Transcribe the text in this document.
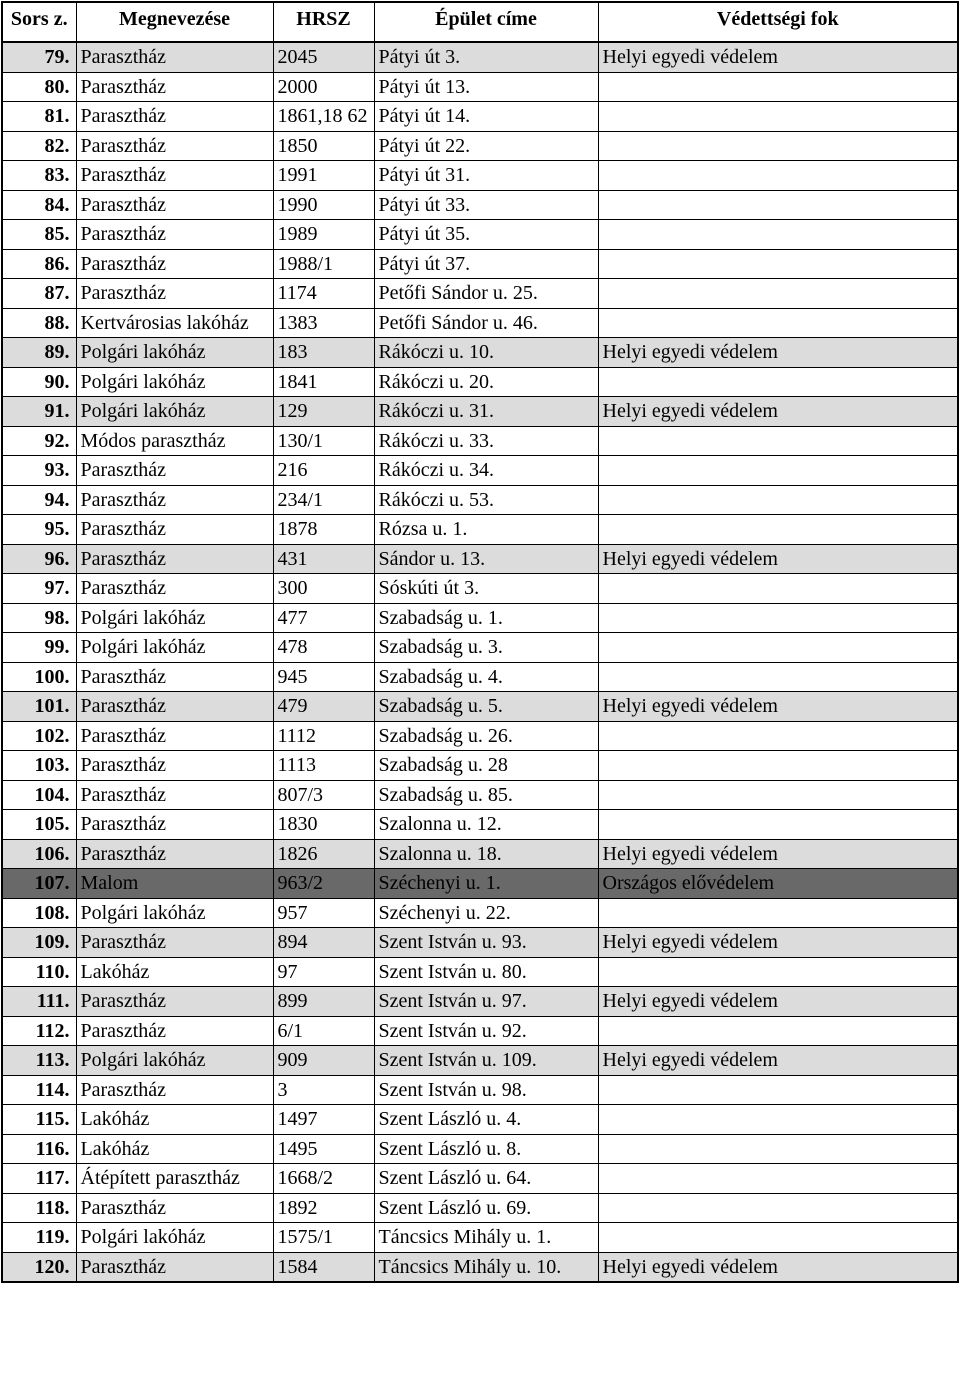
Sors z.	Megnevezése	HRSZ	Épület címe	Védettségi fok
79.	Parasztház	2045	Pátyi út 3.	Helyi egyedi védelem
80.	Parasztház	2000	Pátyi út 13.	
81.	Parasztház	1861,18 62	Pátyi út 14.	
82.	Parasztház	1850	Pátyi út 22.	
83.	Parasztház	1991	Pátyi út 31.	
84.	Parasztház	1990	Pátyi út 33.	
85.	Parasztház	1989	Pátyi út 35.	
86.	Parasztház	1988/1	Pátyi út 37.	
87.	Parasztház	1174	Petőfi Sándor u. 25.	
88.	Kertvárosias lakóház	1383	Petőfi Sándor u. 46.	
89.	Polgári lakóház	183	Rákóczi u. 10.	Helyi egyedi védelem
90.	Polgári lakóház	1841	Rákóczi u. 20.	
91.	Polgári lakóház	129	Rákóczi u. 31.	Helyi egyedi védelem
92.	Módos parasztház	130/1	Rákóczi u. 33.	
93.	Parasztház	216	Rákóczi u. 34.	
94.	Parasztház	234/1	Rákóczi u. 53.	
95.	Parasztház	1878	Rózsa u. 1.	
96.	Parasztház	431	Sándor u. 13.	Helyi egyedi védelem
97.	Parasztház	300	Sóskúti út 3.	
98.	Polgári lakóház	477	Szabadság u. 1.	
99.	Polgári lakóház	478	Szabadság u. 3.	
100.	Parasztház	945	Szabadság u. 4.	
101.	Parasztház	479	Szabadság u. 5.	Helyi egyedi védelem
102.	Parasztház	1112	Szabadság u. 26.	
103.	Parasztház	1113	Szabadság u. 28	
104.	Parasztház	807/3	Szabadság u. 85.	
105.	Parasztház	1830	Szalonna u. 12.	
106.	Parasztház	1826	Szalonna u. 18.	Helyi egyedi védelem
107.	Malom	963/2	Széchenyi u. 1.	Országos elővédelem
108.	Polgári lakóház	957	Széchenyi u. 22.	
109.	Parasztház	894	Szent István u. 93.	Helyi egyedi védelem
110.	Lakóház	97	Szent István u. 80.	
111.	Parasztház	899	Szent István u. 97.	Helyi egyedi védelem
112.	Parasztház	6/1	Szent István u. 92.	
113.	Polgári lakóház	909	Szent István u. 109.	Helyi egyedi védelem
114.	Parasztház	3	Szent István u. 98.	
115.	Lakóház	1497	Szent László u. 4.	
116.	Lakóház	1495	Szent László u. 8.	
117.	Átépített parasztház	1668/2	Szent László u. 64.	
118.	Parasztház	1892	Szent László u. 69.	
119.	Polgári lakóház	1575/1	Táncsics Mihály u. 1.	
120.	Parasztház	1584	Táncsics Mihály u. 10.	Helyi egyedi védelem
